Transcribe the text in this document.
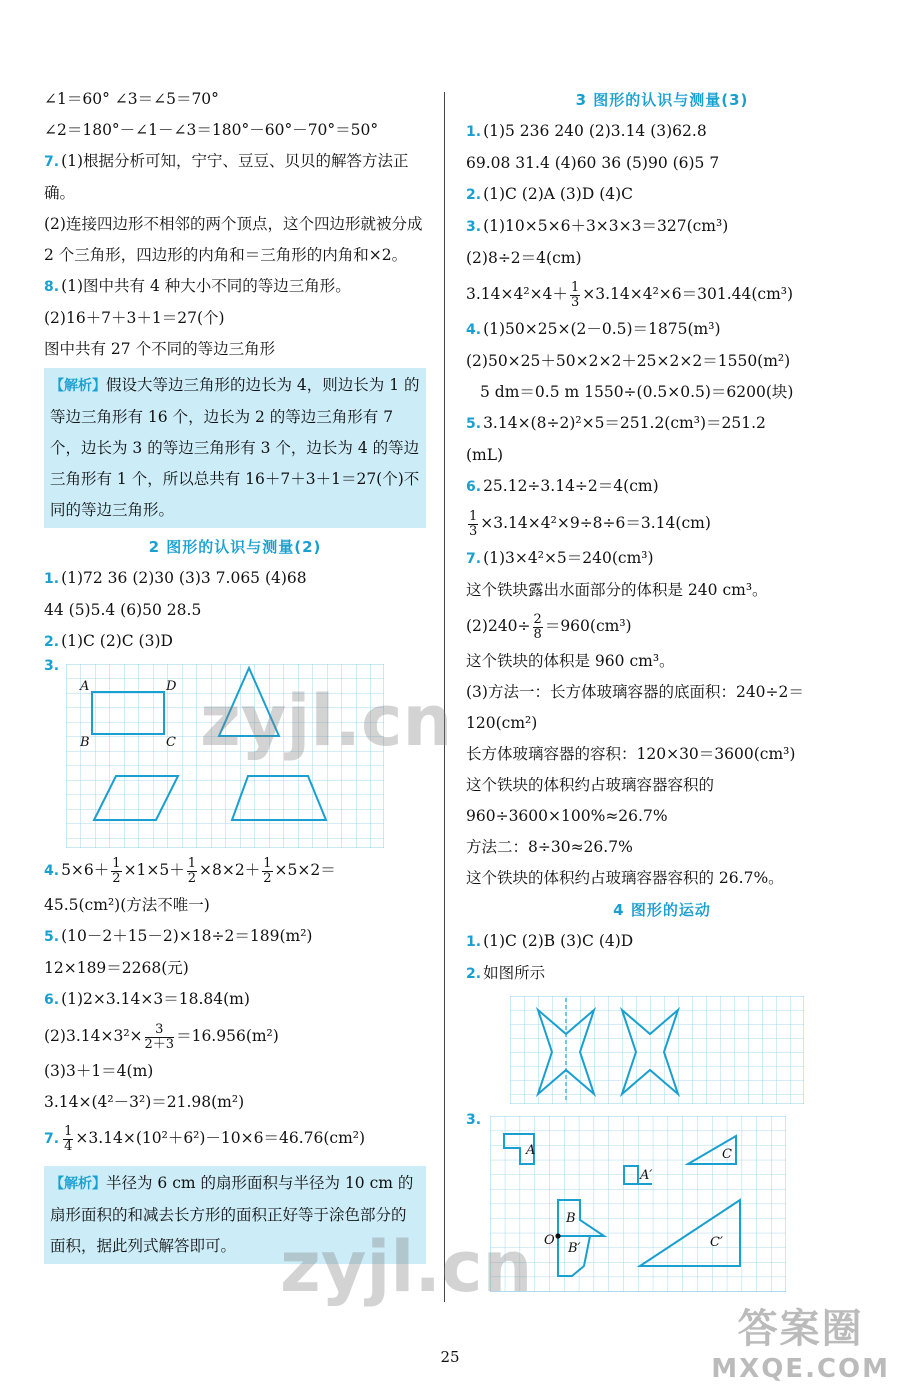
∠1＝60° ∠3＝∠5＝70°
∠2＝180°－∠1－∠3＝180°－60°－70°＝50°
7. (1)根据分析可知，宁宁、豆豆、贝贝的解答方法正确。
(2)连接四边形不相邻的两个顶点，这个四边形就被分成 2 个三角形，四边形的内角和＝三角形的内角和×2。
8. (1)图中共有 4 种大小不同的等边三角形。
(2)16＋7＋3＋1＝27(个)
图中共有 27 个不同的等边三角形
【解析】假设大等边三角形的边长为 4，则边长为 1 的等边三角形有 16 个，边长为 2 的等边三角形有 7 个，边长为 3 的等边三角形有 3 个，边长为 4 的等边三角形有 1 个，所以总共有 16＋7＋3＋1＝27(个)不同的等边三角形。
2 图形的认识与测量(2)
1. (1)72 36 (2)30 (3)3 7.065 (4)68
44 (5)5.4 (6)50 28.5
2. (1)C (2)C (3)D
3.
A	D
B	C
4. $5\times 6+ \frac{1}{2} \times 1\times 5+ \frac{1}{2} \times 8\times 2+ \frac{1}{2} \times 5\times 2=$
45.5(cm²)(方法不唯一)
5. (10－2＋15－2)×18÷2＝189(m²)
12×189＝2268(元)
6. (1)2×3.14×3＝18.84(m)
$(2)3.14\times 3^2\times \frac{3}{2+3} =16.956(m^2)$
(3)3＋1＝4(m)
3.14×(4²－3²)＝21.98(m²)
7. $\frac{1}{4} \times 3.14\times(10^2+6^2)-10\times 6=46.76(cm^2)$
【解析】半径为 6 cm 的扇形面积与半径为 10 cm 的扇形面积的和减去长方形的面积正好等于涂色部分的面积，据此列式解答即可。
3 图形的认识与测量(3)
1. (1)5 236 240 (2)3.14 (3)62.8
69.08 31.4 (4)60 36 (5)90 (6)5 7
2. (1)C (2)A (3)D (4)C
3. (1)10×5×6＋3×3×3＝327(cm³)
(2)8÷2＝4(cm)
$3.14\times 4^2\times 4+ \frac{1}{3} \times 3.14\times 4^2\times 6=301.44(cm^3)$
4. (1)50×25×(2－0.5)＝1875(m³)
(2)50×25＋50×2×2＋25×2×2＝1550(m²)
5 dm＝0.5 m 1550÷(0.5×0.5)＝6200(块)
5. 3.14×(8÷2)²×5＝251.2(cm³)＝251.2
(mL)
6. 25.12÷3.14÷2＝4(cm)
$\frac{1}{3} \times 3.14\times 4^2\times 9\div 8\div 6=3.14(cm)$
7. (1)3×4²×5＝240(cm³)
这个铁块露出水面部分的体积是 240 cm³。
$(2)240\div \frac{2}{8} =960(cm^3)$
这个铁块的体积是 960 cm³。
(3)方法一：长方体玻璃容器的底面积：240÷2＝120(cm²)
长方体玻璃容器的容积：120×30＝3600(cm³)
这个铁块的体积约占玻璃容器容积的 960÷3600×100%≈26.7%
方法二：8÷30≈26.7%
这个铁块的体积约占玻璃容器容积的 26.7%。
4 图形的运动
1. (1)C (2)B (3)C (4)D
2. 如图所示
3.
A
A′
C
C′
B
B′
O
25
zyjl.cn
zyjl.cn
答案圈
MXQE.COM
